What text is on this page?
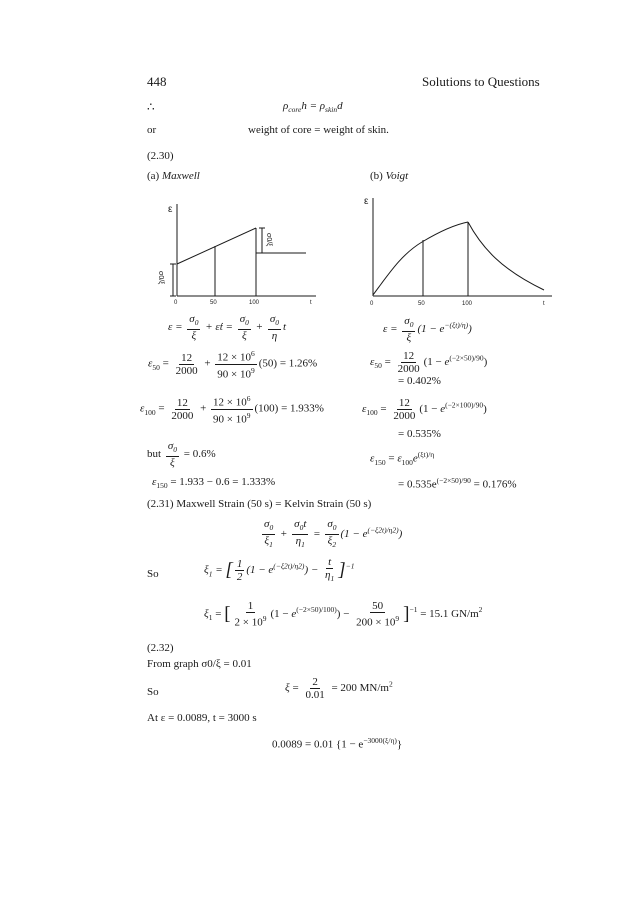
448	Solutions to Questions
∴	$\rho_{core}h = \rho_{skin}d$
or	weight of core = weight of skin.
(2.30)
(a) Maxwell	(b) Voigt
ε
σ0/ξ
σ0/ξ
0	50	100	t
ε
0	50	100	t
$\varepsilon = \frac{\sigma_0}{\xi}$ + ε̇t = $\frac{\sigma_0}{\xi} + \frac{\sigma_0}{\eta}$ t
$\varepsilon_{50} = \frac{12}{2000} + \frac{12 \times 10^6}{90 \times 10^9} (50) = 1.26\%$
$\varepsilon_{100} = \frac{12}{2000} + \frac{12 \times 10^6}{90 \times 10^9} (100) = 1.933\%$
but $\frac{\sigma_0}{\xi} = 0.6\%$
$\varepsilon_{150} = 1.933 - 0.6 = 1.333\%$
$\varepsilon = \frac{\sigma_0}{\xi} (1 - e^{-(\xi t)/\eta)})$
$\varepsilon_{50} = \frac{12}{2000} (1 - e^{(-2\times 50)/90})$
= 0.402%
$\varepsilon_{100} = \frac{12}{2000} (1 - e^{(-2\times 100)/90})$
= 0.535%
$\varepsilon_{150} = \varepsilon_{100}e^{(\xi t)/\eta}$
= $0.535e^{(-2\times 50)/90} = 0.176\%$
(2.31) Maxwell Strain (50 s) = Kelvin Strain (50 s)
$\frac{\sigma_0}{\xi_1} + \frac{\sigma_0t}{\eta_1} = \frac{\sigma_0}{\xi_2} (1 - e^{(-\xi 2t)/\eta 2)})$
So	$\xi_1$ = [ $\frac{1}{2} (1 - e^{(-\xi 2t)/\eta 2)}) - \frac{t}{\eta_1} ]^{-1}$
$\xi_1$ = [ $\frac{1}{2 \times 10^9} (1 - e^{(-2\times 50)/100)}) - \frac{50}{200 \times 10^9} ]^{-1} = 15.1$ $GN/m^2$
(2.32)
From graph σ0/ξ = 0.01
So	$\xi = \frac{2}{0.01} = 200$ $MN/m^2$
At ε = 0.0089, t = 3000 s
0.0089 = 0.01 $\{1 - e^{-3000(\xi/\eta)}\}$
